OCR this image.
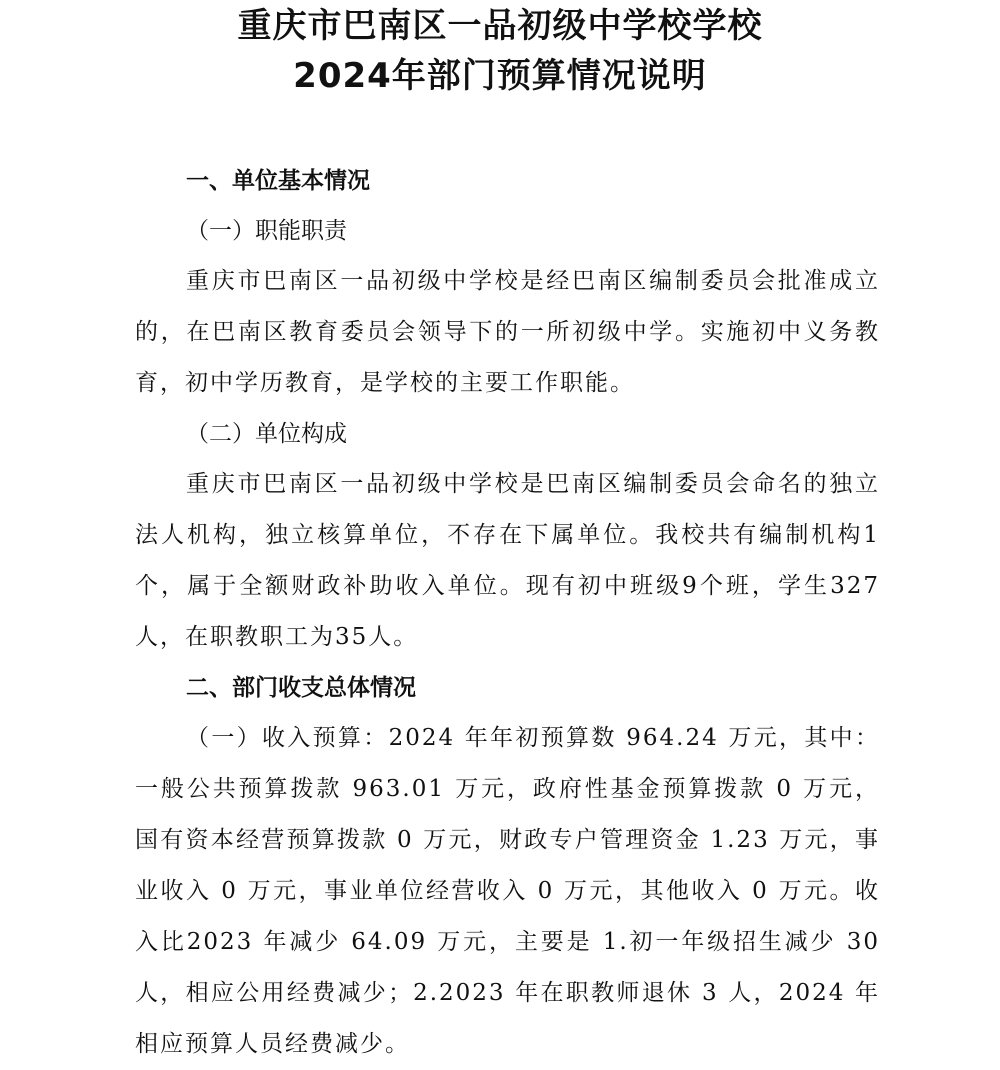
重庆市巴南区一品初级中学校学校
2024年部门预算情况说明

一、单位基本情况

（一）职能职责

重庆市巴南区一品初级中学校是经巴南区编制委员会批准成立的，在巴南区教育委员会领导下的一所初级中学。实施初中义务教育，初中学历教育，是学校的主要工作职能。

（二）单位构成

重庆市巴南区一品初级中学校是巴南区编制委员会命名的独立法人机构，独立核算单位，不存在下属单位。我校共有编制机构1个，属于全额财政补助收入单位。现有初中班级9个班，学生327人，在职教职工为35人。

二、部门收支总体情况

（一）收入预算：2024 年年初预算数 964.24 万元，其中：一般公共预算拨款 963.01 万元，政府性基金预算拨款 0 万元，国有资本经营预算拨款 0 万元，财政专户管理资金 1.23 万元，事业收入 0 万元，事业单位经营收入 0 万元，其他收入 0 万元。收入比2023 年减少 64.09 万元，主要是 1.初一年级招生减少 30 人，相应公用经费减少；2.2023 年在职教师退休 3 人，2024 年相应预算人员经费减少。
